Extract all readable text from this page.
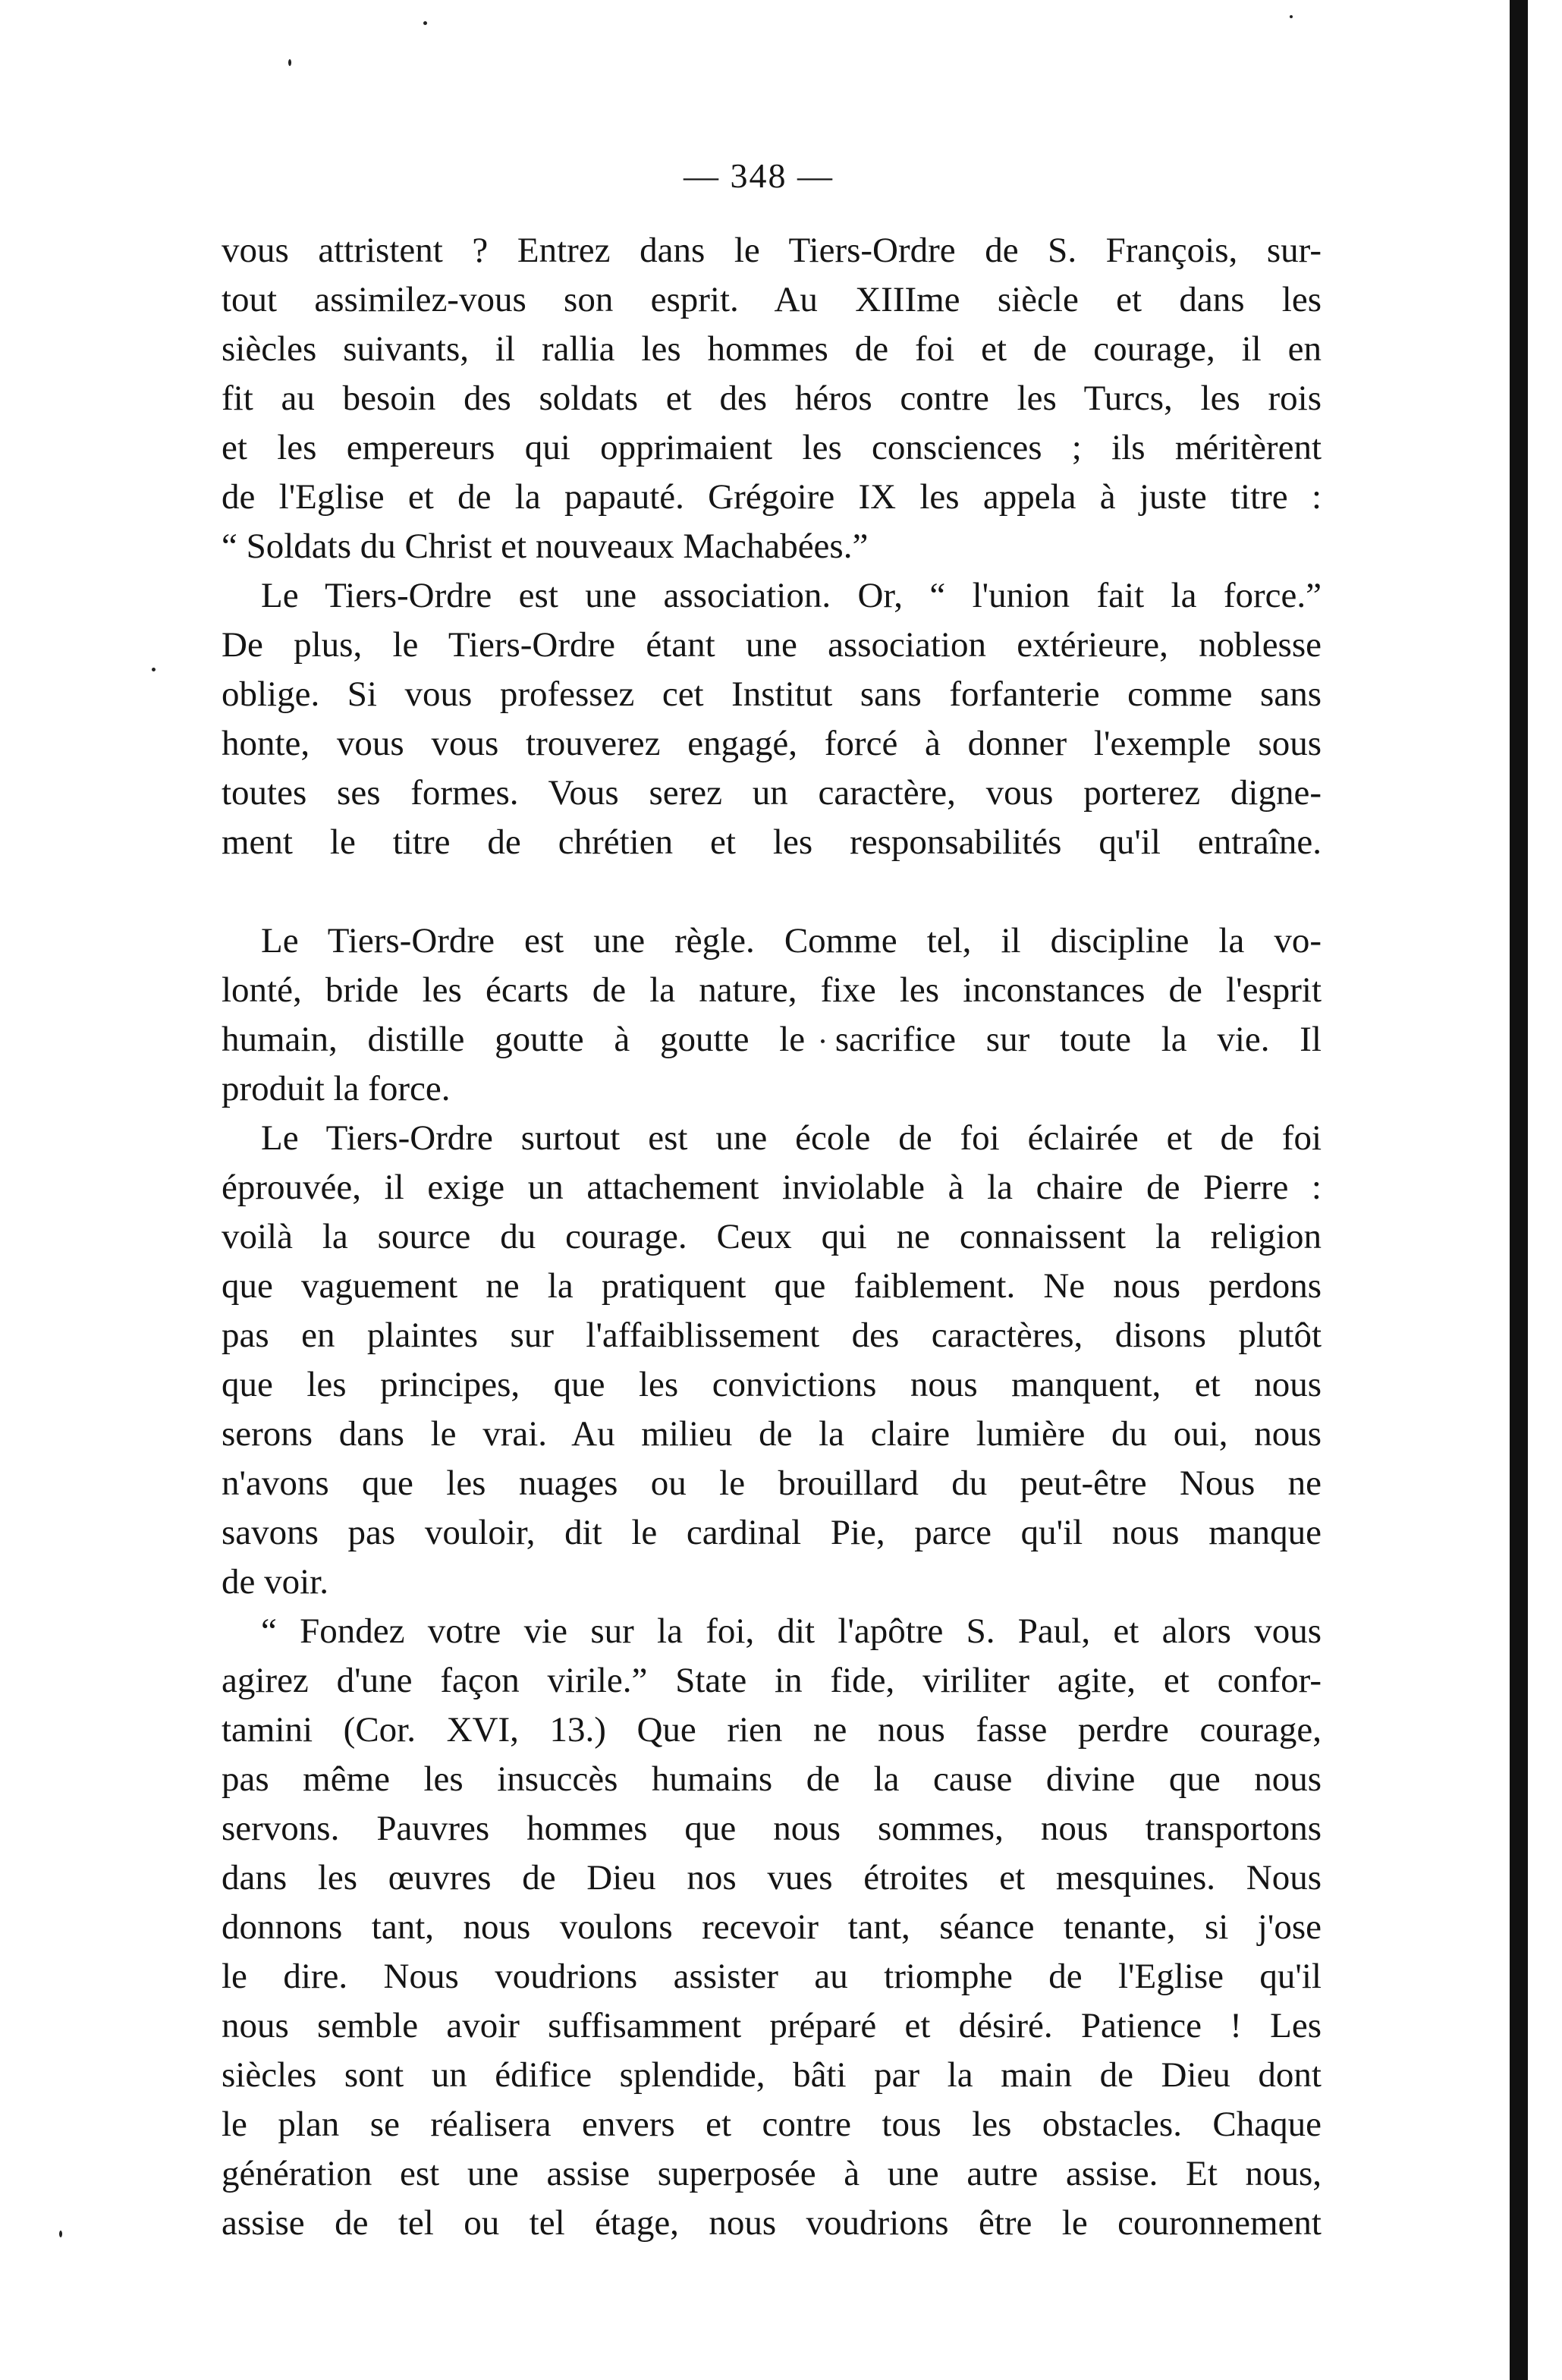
— 348 —
vous attristent ? Entrez dans le Tiers-Ordre de S. François, sur-
tout assimilez-vous son esprit. Au XIIIme siècle et dans les
siècles suivants, il rallia les hommes de foi et de courage, il en
fit au besoin des soldats et des héros contre les Turcs, les rois
et les empereurs qui opprimaient les consciences ; ils méritèrent
de l'Eglise et de la papauté. Grégoire IX les appela à juste titre :
“ Soldats du Christ et nouveaux Machabées.”
Le Tiers-Ordre est une association. Or, “ l'union fait la force.”
De plus, le Tiers-Ordre étant une association extérieure, noblesse
oblige. Si vous professez cet Institut sans forfanterie comme sans
honte, vous vous trouverez engagé, forcé à donner l'exemple sous
toutes ses formes. Vous serez un caractère, vous porterez digne-
ment le titre de chrétien et les responsabilités qu'il entraîne.
Le Tiers-Ordre est une règle. Comme tel, il discipline la vo-
lonté, bride les écarts de la nature, fixe les inconstances de l'esprit
humain, distille goutte à goutte le sacrifice sur toute la vie. Il
produit la force.
Le Tiers-Ordre surtout est une école de foi éclairée et de foi
éprouvée, il exige un attachement inviolable à la chaire de Pierre :
voilà la source du courage. Ceux qui ne connaissent la religion
que vaguement ne la pratiquent que faiblement. Ne nous perdons
pas en plaintes sur l'affaiblissement des caractères, disons plutôt
que les principes, que les convictions nous manquent, et nous
serons dans le vrai. Au milieu de la claire lumière du oui, nous
n'avons que les nuages ou le brouillard du peut-être Nous ne
savons pas vouloir, dit le cardinal Pie, parce qu'il nous manque
de voir.
“ Fondez votre vie sur la foi, dit l'apôtre S. Paul, et alors vous
agirez d'une façon virile.” State in fide, viriliter agite, et confor-
tamini (Cor. XVI, 13.) Que rien ne nous fasse perdre courage,
pas même les insuccès humains de la cause divine que nous
servons. Pauvres hommes que nous sommes, nous transportons
dans les œuvres de Dieu nos vues étroites et mesquines. Nous
donnons tant, nous voulons recevoir tant, séance tenante, si j'ose
le dire. Nous voudrions assister au triomphe de l'Eglise qu'il
nous semble avoir suffisamment préparé et désiré. Patience ! Les
siècles sont un édifice splendide, bâti par la main de Dieu dont
le plan se réalisera envers et contre tous les obstacles. Chaque
génération est une assise superposée à une autre assise. Et nous,
assise de tel ou tel étage, nous voudrions être le couronnement
